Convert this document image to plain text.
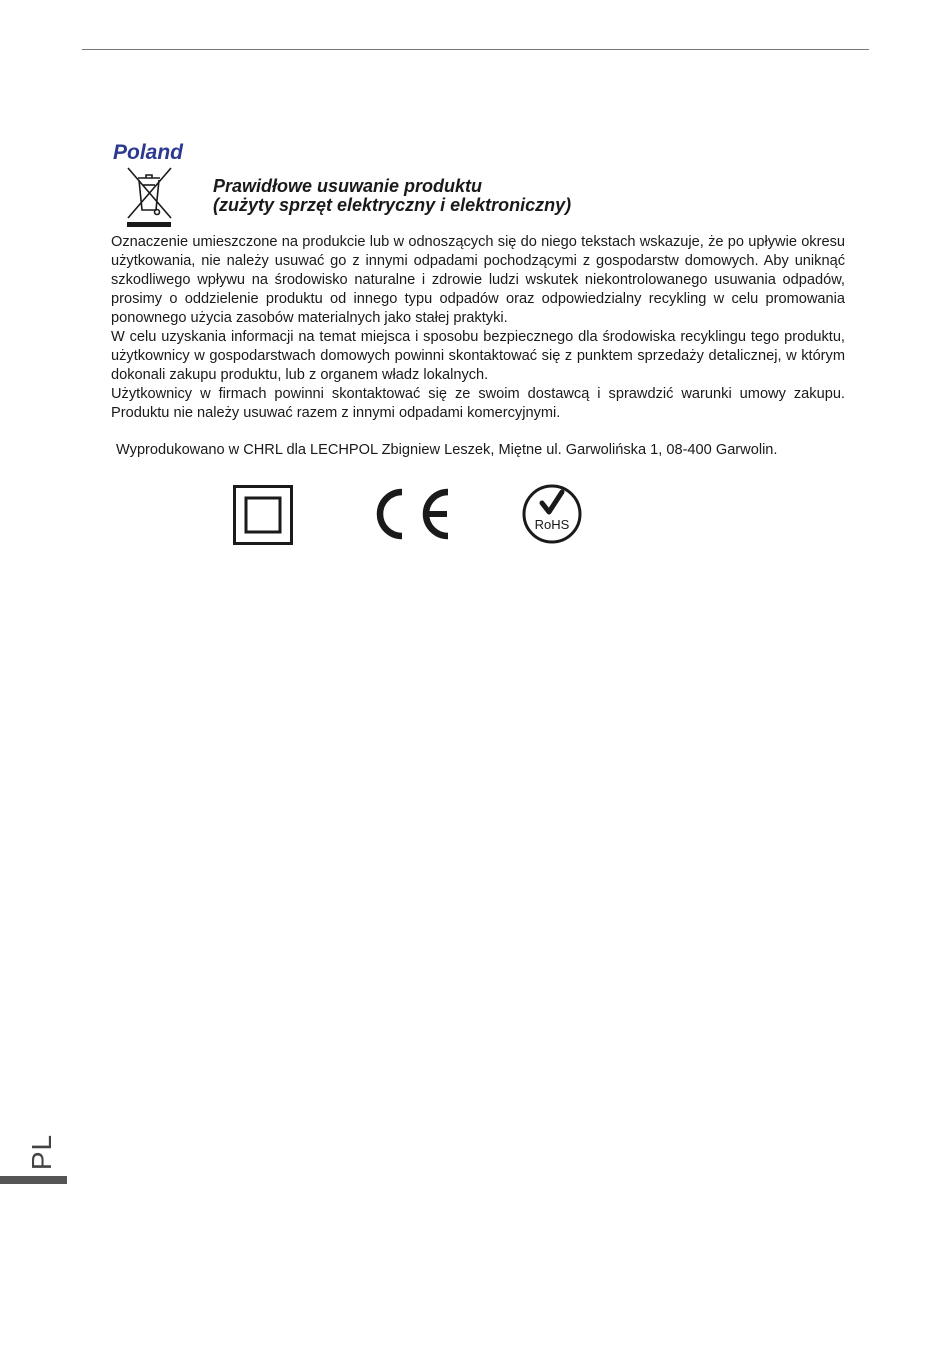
Poland
Prawidłowe usuwanie produktu
(zużyty sprzęt elektryczny i elektroniczny)

Oznaczenie umieszczone na produkcie lub w odnoszących się do niego tekstach wskazuje, że po upływie okresu użytkowania, nie należy usuwać go z innymi odpadami pochodzącymi z gospodarstw domowych. Aby uniknąć szkodliwego wpływu na środowisko naturalne i zdrowie ludzi wskutek niekontrolowanego usuwania odpadów, prosimy o oddzielenie produktu od innego typu odpadów oraz odpowiedzialny recykling w celu promowania ponownego użycia zasobów materialnych jako stałej praktyki.

W celu uzyskania informacji na temat miejsca i sposobu bezpiecznego dla środowiska recyklingu tego produktu, użytkownicy w gospodarstwach domowych powinni skontaktować się z punktem sprzedaży detalicznej, w którym dokonali zakupu produktu, lub z organem władz lokalnych.

Użytkownicy w firmach powinni skontaktować się ze swoim dostawcą i sprawdzić warunki umowy zakupu. Produktu nie należy usuwać razem z innymi odpadami komercyjnymi.

Wyprodukowano w CHRL dla LECHPOL Zbigniew Leszek, Miętne ul. Garwolińska 1, 08-400 Garwolin.
RoHS
PL
